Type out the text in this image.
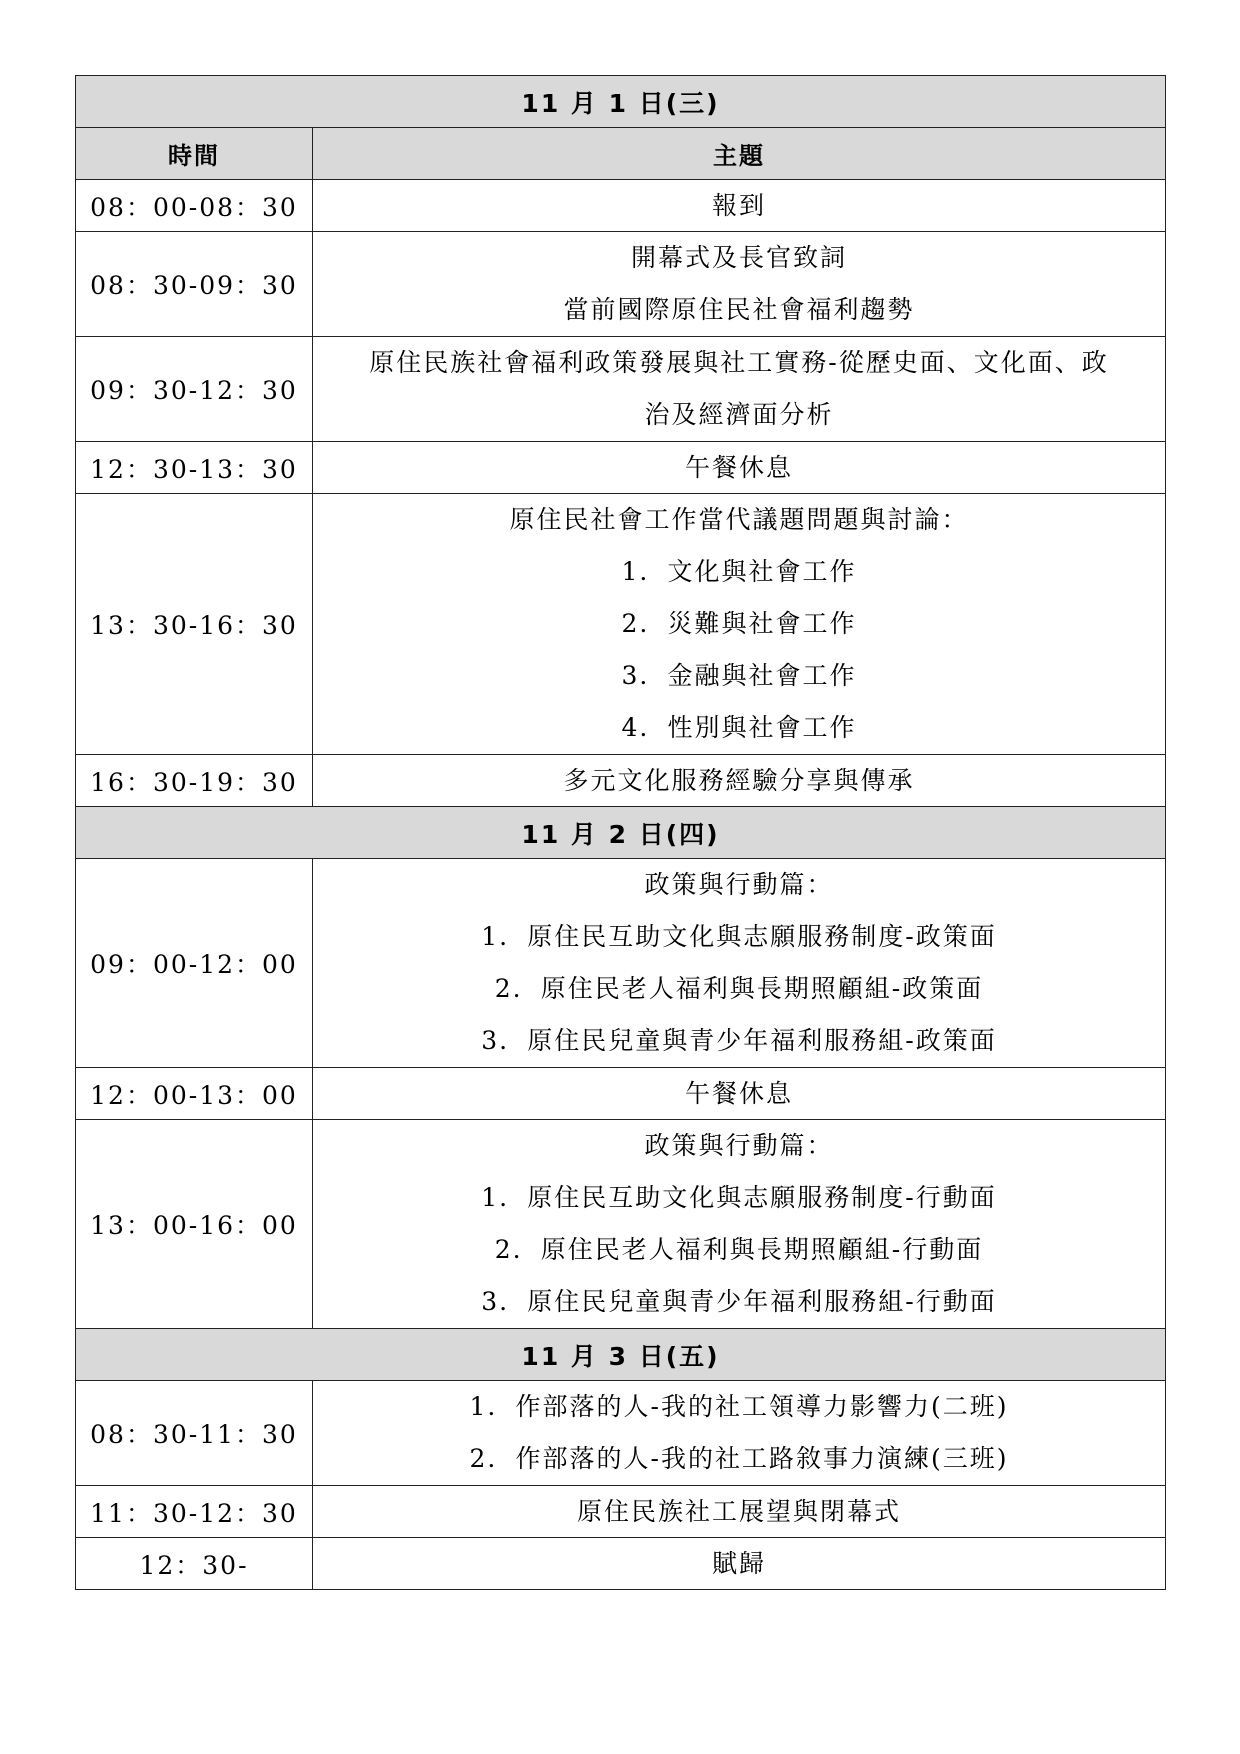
11 月 1 日(三)	
時間	主題
08：00-08：30	報到

08：30-09：30	開幕式及長官致詞
當前國際原住民社會福利趨勢

09：30-12：30	原住民族社會福利政策發展與社工實務-從歷史面、文化面、政
治及經濟面分析

12：30-13：30	午餐休息

13：30-16：30	原住民社會工作當代議題問題與討論：
1. 文化與社會工作
2. 災難與社會工作
3. 金融與社會工作
4. 性別與社會工作

16：30-19：30	多元文化服務經驗分享與傳承

11 月 2 日(四)	
09：00-12：00	政策與行動篇：
1. 原住民互助文化與志願服務制度-政策面
2. 原住民老人福利與長期照顧組-政策面
3. 原住民兒童與青少年福利服務組-政策面

12：00-13：00	午餐休息

13：00-16：00	政策與行動篇：
1. 原住民互助文化與志願服務制度-行動面
2. 原住民老人福利與長期照顧組-行動面
3. 原住民兒童與青少年福利服務組-行動面

11 月 3 日(五)	
08：30-11：30	1. 作部落的人-我的社工領導力影響力(二班)
2. 作部落的人-我的社工路敘事力演練(三班)

11：30-12：30	原住民族社工展望與閉幕式

12：30-	賦歸
